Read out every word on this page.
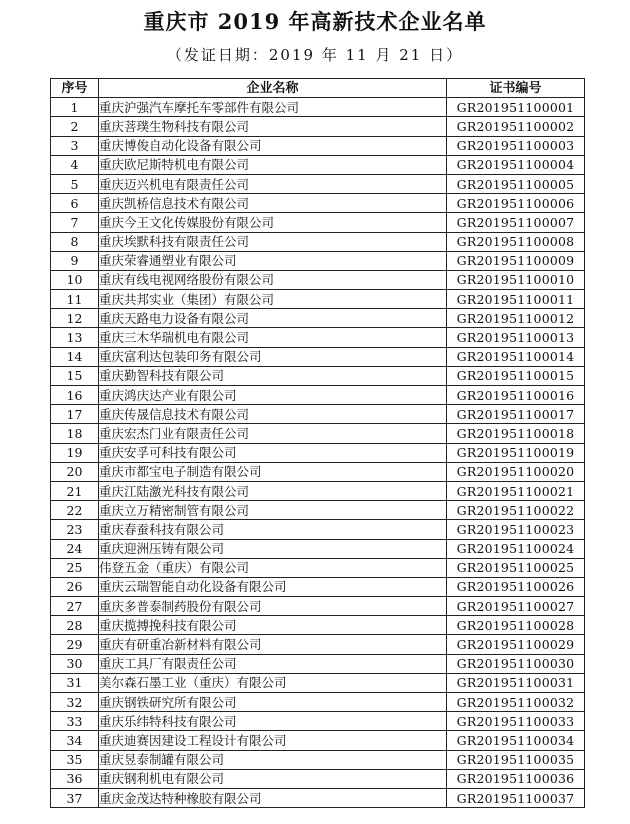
重庆市 2019 年高新技术企业名单
（发证日期：2019 年 11 月 21 日）
序号	企业名称	证书编号
1	重庆沪强汽车摩托车零部件有限公司	GR201951100001
2	重庆菩璞生物科技有限公司	GR201951100002
3	重庆博俊自动化设备有限公司	GR201951100003
4	重庆欧尼斯特机电有限公司	GR201951100004
5	重庆迈兴机电有限责任公司	GR201951100005
6	重庆凯桥信息技术有限公司	GR201951100006
7	重庆今王文化传媒股份有限公司	GR201951100007
8	重庆埃默科技有限责任公司	GR201951100008
9	重庆荣睿通塑业有限公司	GR201951100009
10	重庆有线电视网络股份有限公司	GR201951100010
11	重庆共邦实业（集团）有限公司	GR201951100011
12	重庆天路电力设备有限公司	GR201951100012
13	重庆三木华瑞机电有限公司	GR201951100013
14	重庆富利达包装印务有限公司	GR201951100014
15	重庆勤智科技有限公司	GR201951100015
16	重庆鸿庆达产业有限公司	GR201951100016
17	重庆传晟信息技术有限公司	GR201951100017
18	重庆宏杰门业有限责任公司	GR201951100018
19	重庆安孚可科技有限公司	GR201951100019
20	重庆市都宝电子制造有限公司	GR201951100020
21	重庆江陆激光科技有限公司	GR201951100021
22	重庆立万精密制管有限公司	GR201951100022
23	重庆春蚕科技有限公司	GR201951100023
24	重庆迎洲压铸有限公司	GR201951100024
25	伟登五金（重庆）有限公司	GR201951100025
26	重庆云瑞智能自动化设备有限公司	GR201951100026
27	重庆多普泰制药股份有限公司	GR201951100027
28	重庆揽搏挽科技有限公司	GR201951100028
29	重庆有研重冶新材料有限公司	GR201951100029
30	重庆工具厂有限责任公司	GR201951100030
31	美尔森石墨工业（重庆）有限公司	GR201951100031
32	重庆钢铁研究所有限公司	GR201951100032
33	重庆乐纬特科技有限公司	GR201951100033
34	重庆迪赛因建设工程设计有限公司	GR201951100034
35	重庆昱泰制罐有限公司	GR201951100035
36	重庆钢利机电有限公司	GR201951100036
37	重庆金茂达特种橡胶有限公司	GR201951100037
